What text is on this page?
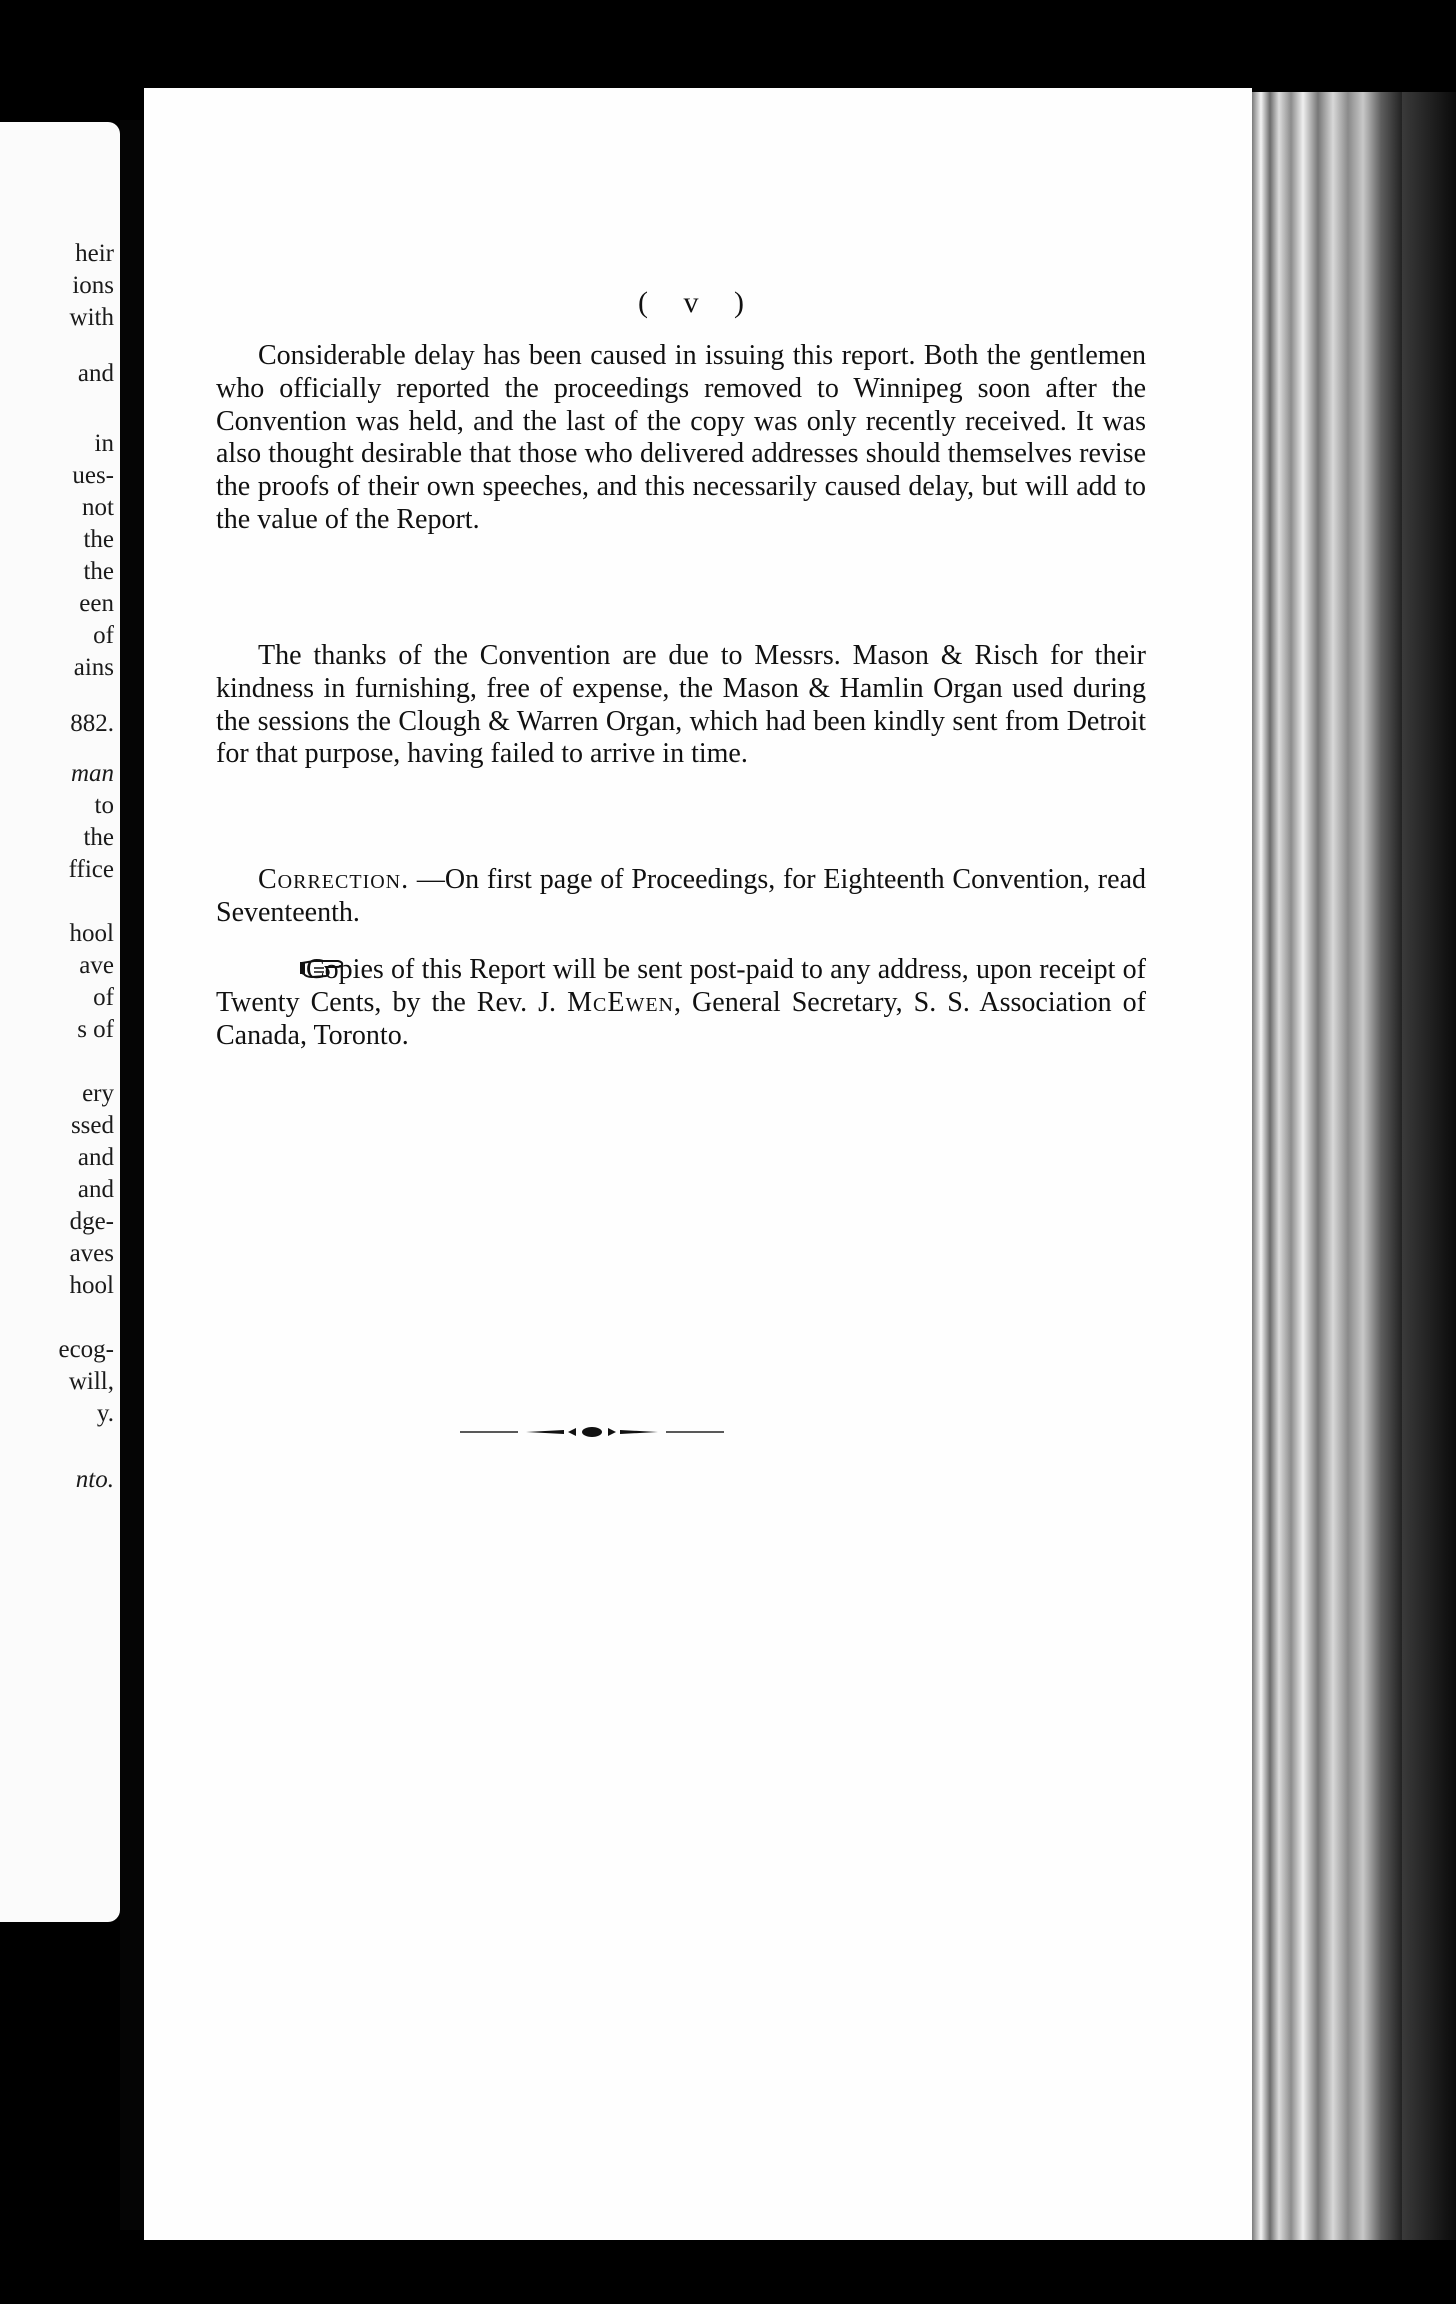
heir
ions
with
and
in
ues-
not
the
the
een
of
ains
882.
man
to
the
ffice
hool
ave
of
s of
ery
ssed
and
and
dge-
aves
hool
ecog-
will,
y.
nto.
( v )

Considerable delay has been caused in issuing this report. Both the gentlemen who officially reported the proceedings removed to Winnipeg soon after the Convention was held, and the last of the copy was only recently received. It was also thought desirable that those who delivered addresses should themselves revise the proofs of their own speeches, and this necessarily caused delay, but will add to the value of the Report.

The thanks of the Convention are due to Messrs. Mason & Risch for their kindness in furnishing, free of expense, the Mason & Hamlin Organ used during the sessions the Clough & Warren Organ, which had been kindly sent from Detroit for that purpose, having failed to arrive in time.

Correction. —On first page of Proceedings, for Eighteenth Convention, read Seventeenth.

Copies of this Report will be sent post-paid to any address, upon receipt of Twenty Cents, by the Rev. J. McEwen, General Secretary, S. S. Association of Canada, Toronto.
